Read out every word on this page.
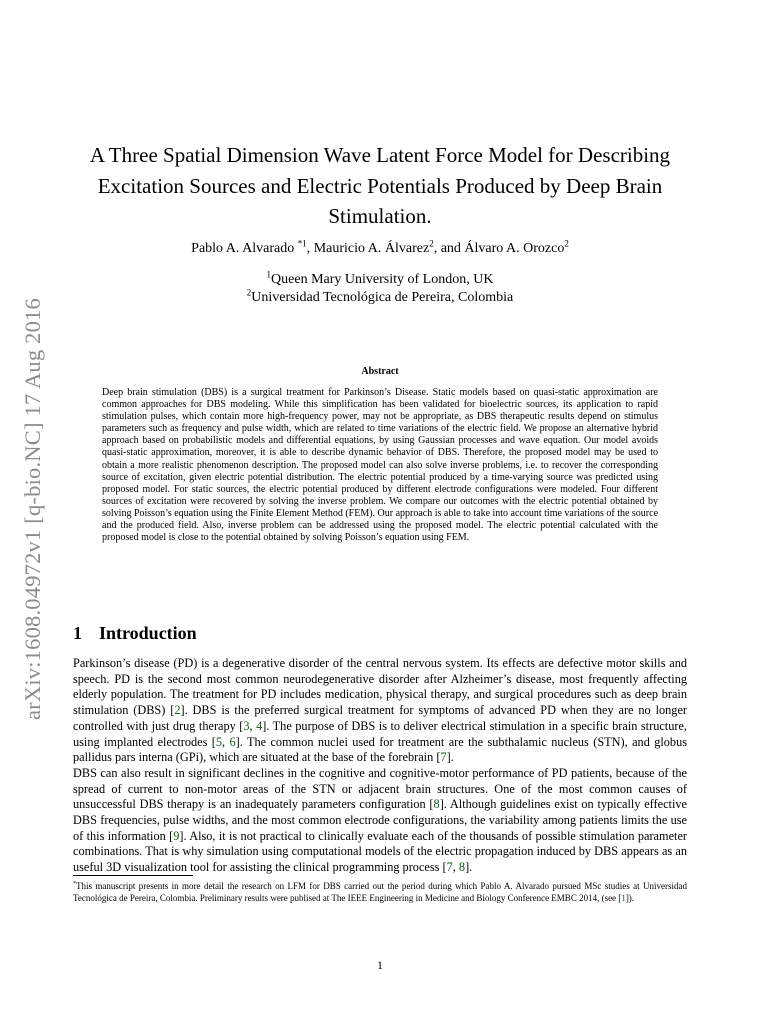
arXiv:1608.04972v1 [q-bio.NC] 17 Aug 2016
A Three Spatial Dimension Wave Latent Force Model for Describing Excitation Sources and Electric Potentials Produced by Deep Brain Stimulation.
Pablo A. Alvarado $^{*1}$, Mauricio A. Álvarez$^2$, and Álvaro A. Orozco$^2$
$^1$Queen Mary University of London, UK
$^2$Universidad Tecnológica de Pereira, Colombia
Abstract

Deep brain stimulation (DBS) is a surgical treatment for Parkinson’s Disease. Static models based on quasi-static approximation are common approaches for DBS modeling. While this simplification has been validated for bioelectric sources, its application to rapid stimulation pulses, which contain more high-frequency power, may not be appropriate, as DBS therapeutic results depend on stimulus parameters such as frequency and pulse width, which are related to time variations of the electric field. We propose an alternative hybrid approach based on probabilistic models and differential equations, by using Gaussian processes and wave equation. Our model avoids quasi-static approximation, moreover, it is able to describe dynamic behavior of DBS. Therefore, the proposed model may be used to obtain a more realistic phenomenon description. The proposed model can also solve inverse problems, i.e. to recover the corresponding source of excitation, given electric potential distribution. The electric potential produced by a time-varying source was predicted using proposed model. For static sources, the electric potential produced by different electrode configurations were modeled. Four different sources of excitation were recovered by solving the inverse problem. We compare our outcomes with the electric potential obtained by solving Poisson’s equation using the Finite Element Method (FEM). Our approach is able to take into account time variations of the source and the produced field. Also, inverse problem can be addressed using the proposed model. The electric potential calculated with the proposed model is close to the potential obtained by solving Poisson’s equation using FEM.

1 Introduction

Parkinson’s disease (PD) is a degenerative disorder of the central nervous system. Its effects are defective motor skills and speech. PD is the second most common neurodegenerative disorder after Alzheimer’s disease, most frequently affecting elderly population. The treatment for PD includes medication, physical therapy, and surgical procedures such as deep brain stimulation (DBS) [2]. DBS is the preferred surgical treatment for symptoms of advanced PD when they are no longer controlled with just drug therapy [3, 4]. The purpose of DBS is to deliver electrical stimulation in a specific brain structure, using implanted electrodes [5, 6]. The common nuclei used for treatment are the subthalamic nucleus (STN), and globus pallidus pars interna (GPi), which are situated at the base of the forebrain [7].

DBS can also result in significant declines in the cognitive and cognitive-motor performance of PD patients, because of the spread of current to non-motor areas of the STN or adjacent brain structures. One of the most common causes of unsuccessful DBS therapy is an inadequately parameters configuration [8]. Although guidelines exist on typically effective DBS frequencies, pulse widths, and the most common electrode configurations, the variability among patients limits the use of this information [9]. Also, it is not practical to clinically evaluate each of the thousands of possible stimulation parameter combinations. That is why simulation using computational models of the electric propagation induced by DBS appears as an useful 3D visualization tool for assisting the clinical programming process [7, 8].

*This manuscript presents in more detail the research on LFM for DBS carried out the period during which Pablo A. Alvarado pursued MSc studies at Universidad Tecnológica de Pereira, Colombia. Preliminary results were publised at The IEEE Engineering in Medicine and Biology Conference EMBC 2014, (see [1]).
1
